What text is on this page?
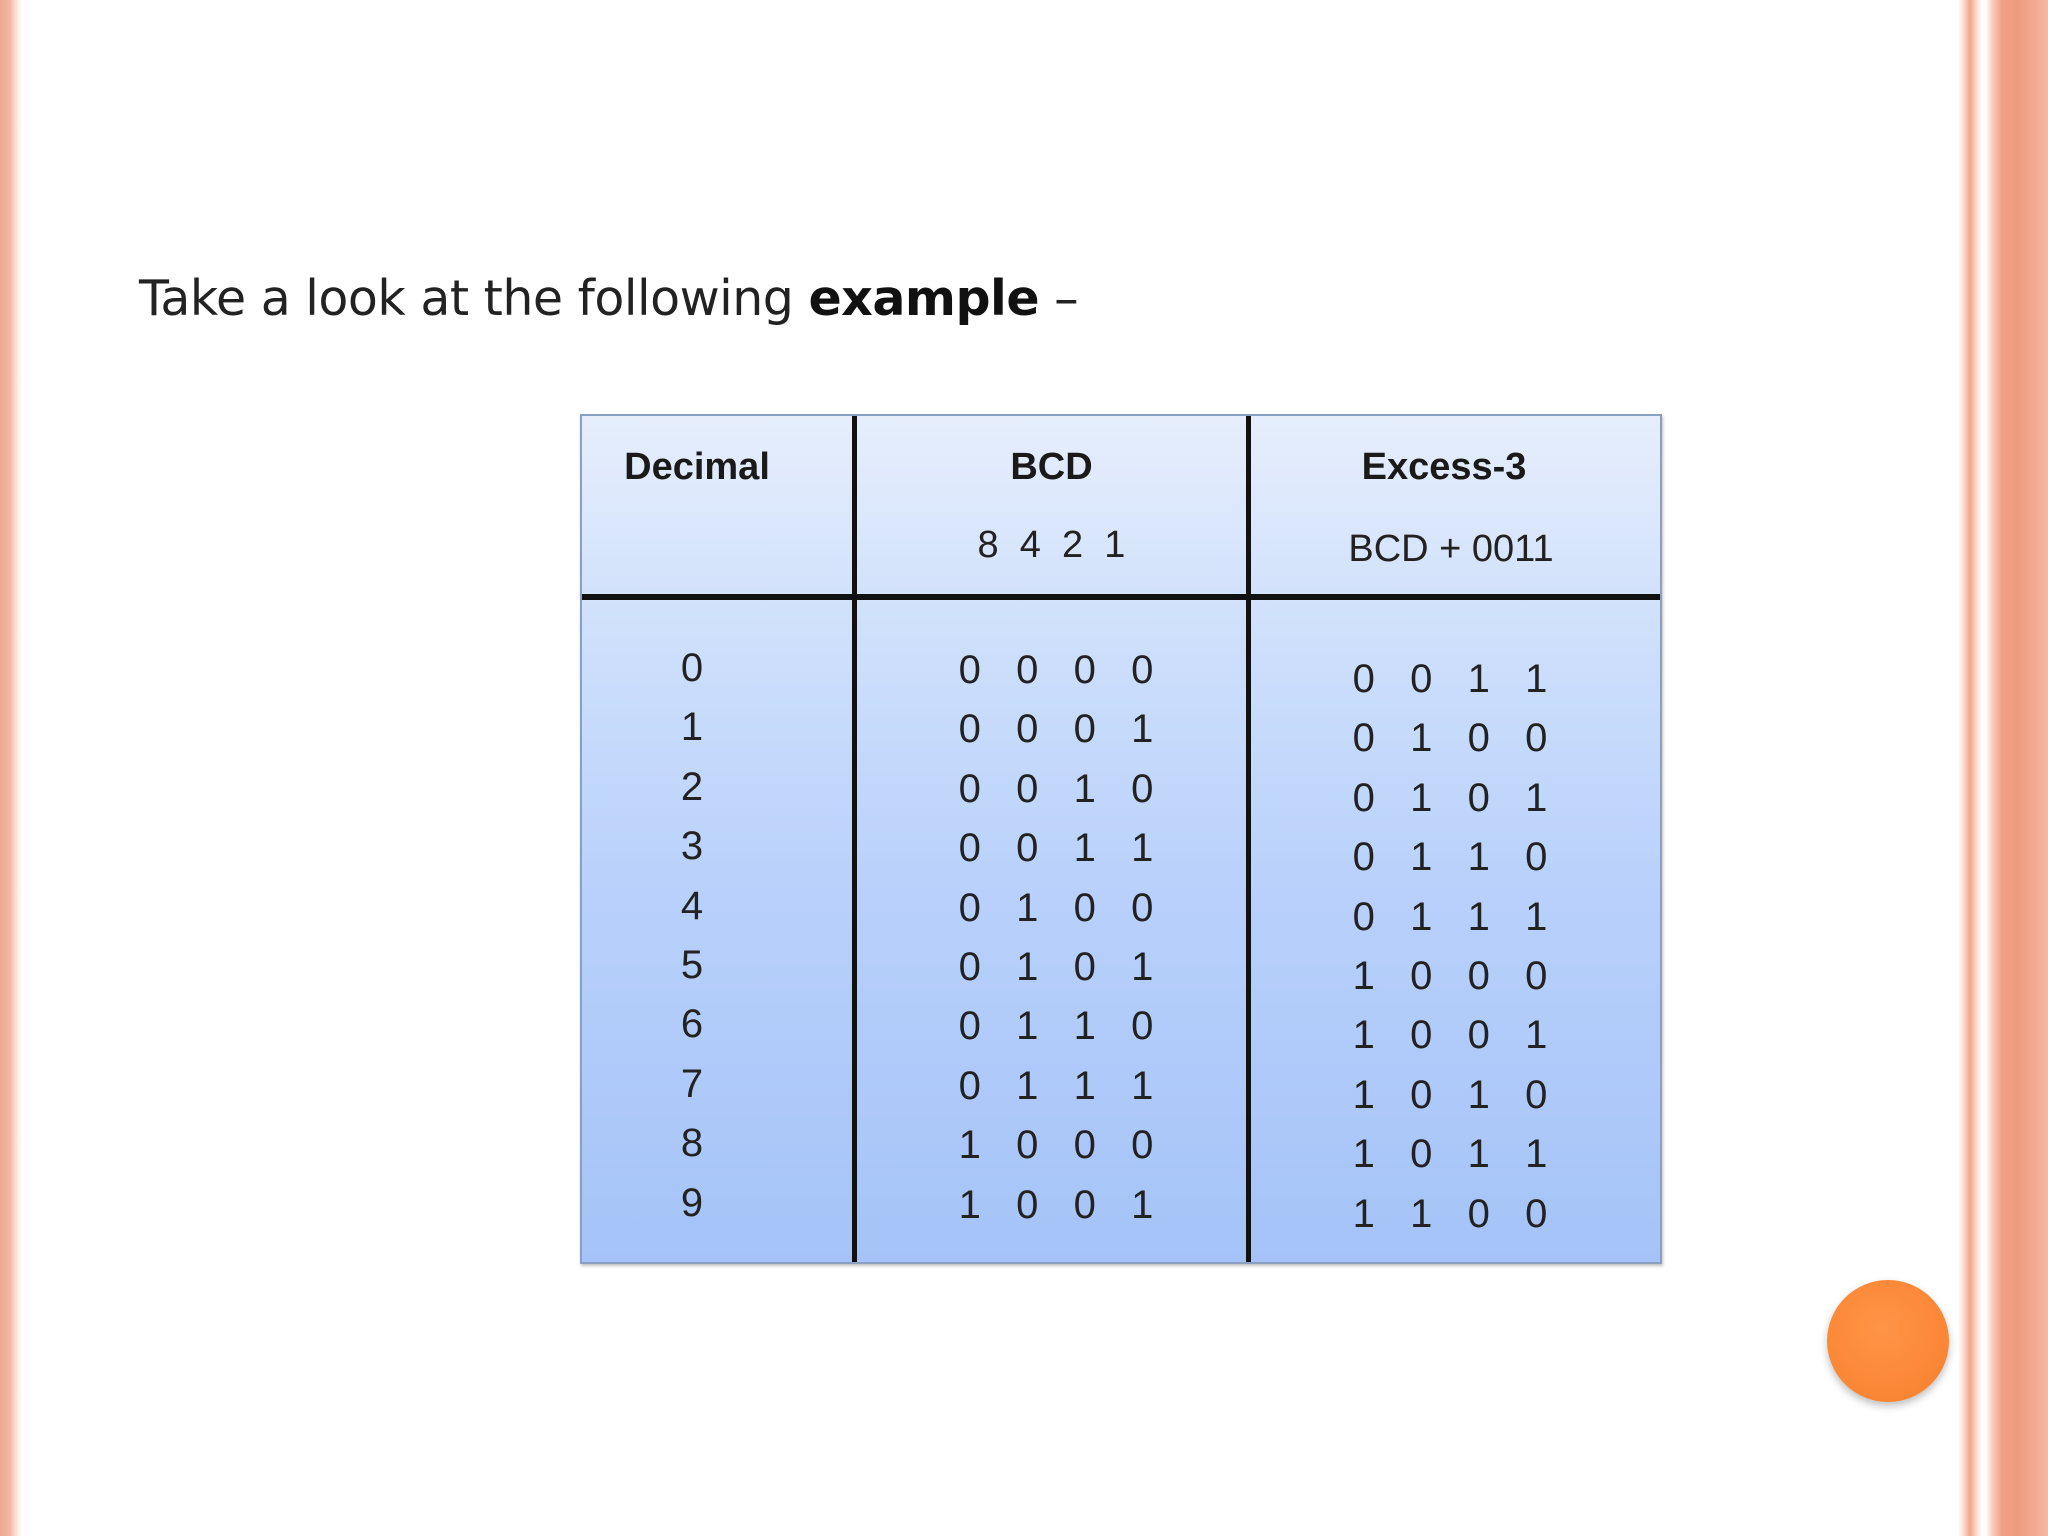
Take a look at the following example –
Decimal	BCD
8  4  2  1
Excess-3
BCD + 0011
0
1
2
3
4
5
6
7
8
9
0 0 0 0
0 0 0 1
0 0 1 0
0 0 1 1
0 1 0 0
0 1 0 1
0 1 1 0
0 1 1 1
1 0 0 0
1 0 0 1
0 0 1 1
0 1 0 0
0 1 0 1
0 1 1 0
0 1 1 1
1 0 0 0
1 0 0 1
1 0 1 0
1 0 1 1
1 1 0 0
